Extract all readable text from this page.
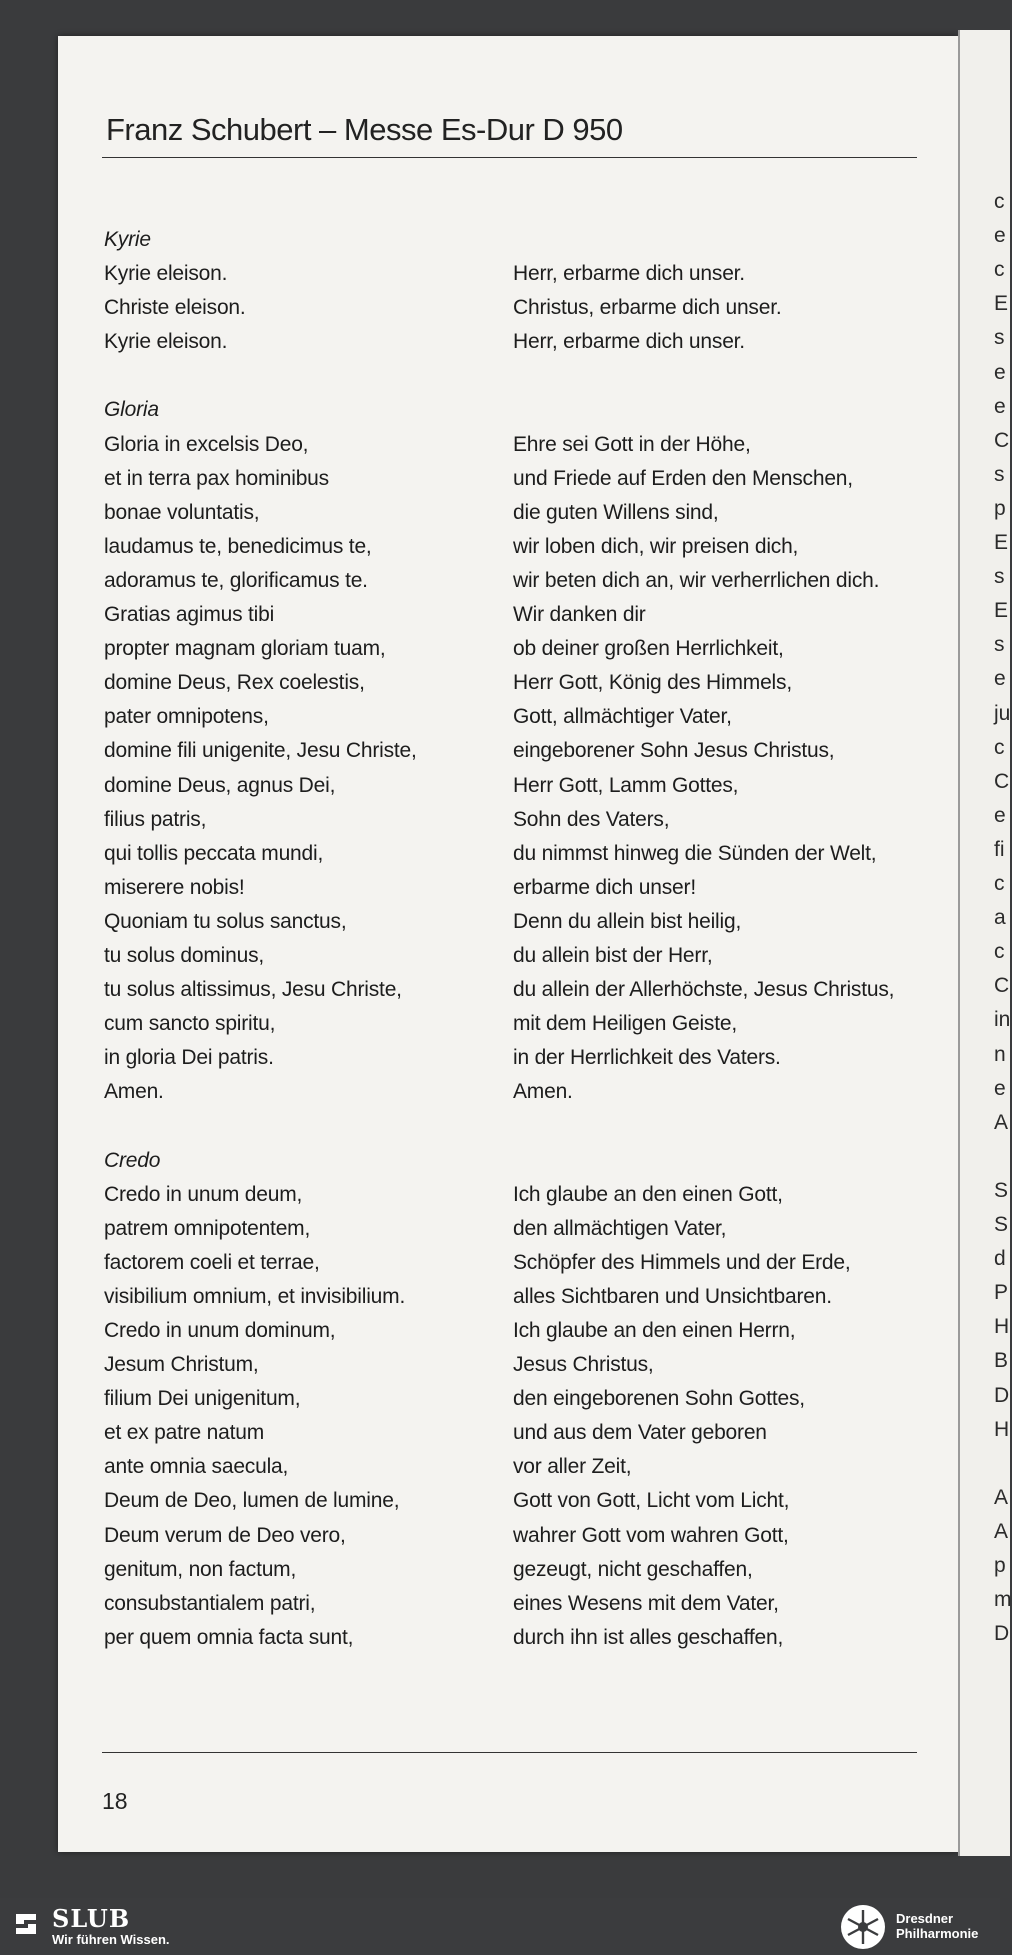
c
e
c
E
s
e
e
C
s
p
E
s
E
s
e
ju
c
C
e
fi
c
a
c
C
in
n
e
A
S
S
d
P
H
B
D
H
A
A
p
m
D
Franz Schubert – Messe Es-Dur D 950
Kyrie
Kyrie eleison.
Christe eleison.
Kyrie eleison.
Gloria
Gloria in excelsis Deo,
et in terra pax hominibus
bonae voluntatis,
laudamus te, benedicimus te,
adoramus te, glorificamus te.
Gratias agimus tibi
propter magnam gloriam tuam,
domine Deus, Rex coelestis,
pater omnipotens,
domine fili unigenite, Jesu Christe,
domine Deus, agnus Dei,
filius patris,
qui tollis peccata mundi,
miserere nobis!
Quoniam tu solus sanctus,
tu solus dominus,
tu solus altissimus, Jesu Christe,
cum sancto spiritu,
in gloria Dei patris.
Amen.
Credo
Credo in unum deum,
patrem omnipotentem,
factorem coeli et terrae,
visibilium omnium, et invisibilium.
Credo in unum dominum,
Jesum Christum,
filium Dei unigenitum,
et ex patre natum
ante omnia saecula,
Deum de Deo, lumen de lumine,
Deum verum de Deo vero,
genitum, non factum,
consubstantialem patri,
per quem omnia facta sunt,
Herr, erbarme dich unser.
Christus, erbarme dich unser.
Herr, erbarme dich unser.
Ehre sei Gott in der Höhe,
und Friede auf Erden den Menschen,
die guten Willens sind,
wir loben dich, wir preisen dich,
wir beten dich an, wir verherrlichen dich.
Wir danken dir
ob deiner großen Herrlichkeit,
Herr Gott, König des Himmels,
Gott, allmächtiger Vater,
eingeborener Sohn Jesus Christus,
Herr Gott, Lamm Gottes,
Sohn des Vaters,
du nimmst hinweg die Sünden der Welt,
erbarme dich unser!
Denn du allein bist heilig,
du allein bist der Herr,
du allein der Allerhöchste, Jesus Christus,
mit dem Heiligen Geiste,
in der Herrlichkeit des Vaters.
Amen.
Ich glaube an den einen Gott,
den allmächtigen Vater,
Schöpfer des Himmels und der Erde,
alles Sichtbaren und Unsichtbaren.
Ich glaube an den einen Herrn,
Jesus Christus,
den eingeborenen Sohn Gottes,
und aus dem Vater geboren
vor aller Zeit,
Gott von Gott, Licht vom Licht,
wahrer Gott vom wahren Gott,
gezeugt, nicht geschaffen,
eines Wesens mit dem Vater,
durch ihn ist alles geschaffen,
18
SLUB
Wir führen Wissen.
Dresdner
Philharmonie
